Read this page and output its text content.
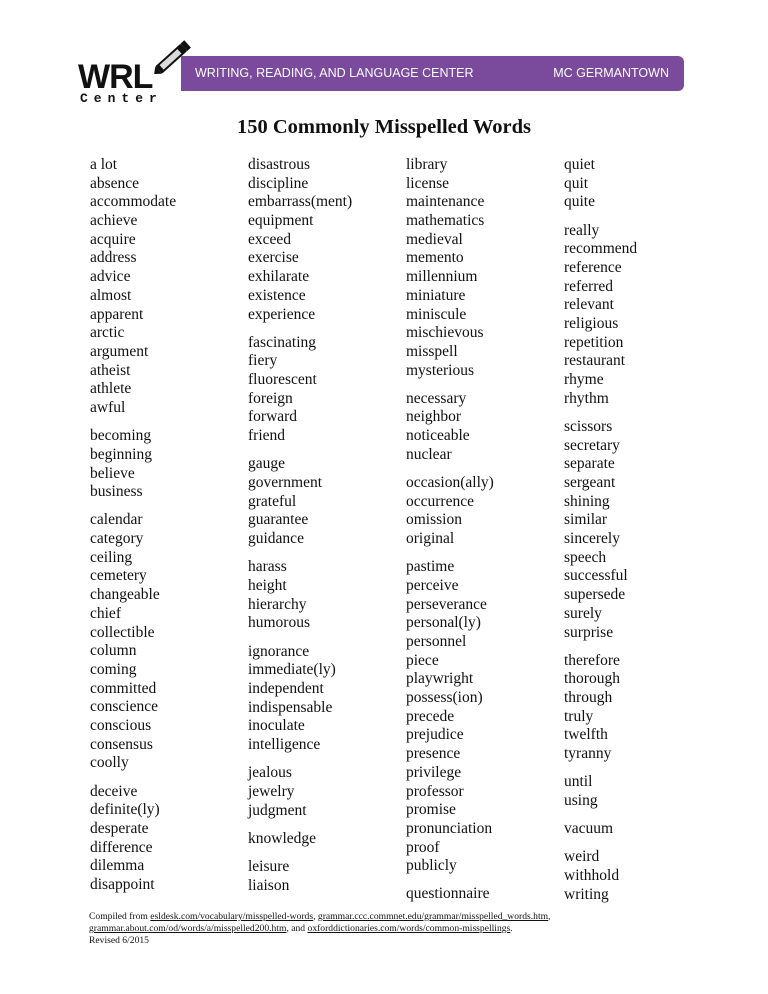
WRL
Center
WRITING, READING, AND LANGUAGE CENTER	MC GERMANTOWN
150 Commonly Misspelled Words
a lot
absence
accommodate
achieve
acquire
address
advice
almost
apparent
arctic
argument
atheist
athlete
awful
becoming
beginning
believe
business
calendar
category
ceiling
cemetery
changeable
chief
collectible
column
coming
committed
conscience
conscious
consensus
coolly
deceive
definite(ly)
desperate
difference
dilemma
disappoint
disastrous
discipline
embarrass(ment)
equipment
exceed
exercise
exhilarate
existence
experience
fascinating
fiery
fluorescent
foreign
forward
friend
gauge
government
grateful
guarantee
guidance
harass
height
hierarchy
humorous
ignorance
immediate(ly)
independent
indispensable
inoculate
intelligence
jealous
jewelry
judgment
knowledge
leisure
liaison
library
license
maintenance
mathematics
medieval
memento
millennium
miniature
miniscule
mischievous
misspell
mysterious
necessary
neighbor
noticeable
nuclear
occasion(ally)
occurrence
omission
original
pastime
perceive
perseverance
personal(ly)
personnel
piece
playwright
possess(ion)
precede
prejudice
presence
privilege
professor
promise
pronunciation
proof
publicly
questionnaire
quiet
quit
quite
really
recommend
reference
referred
relevant
religious
repetition
restaurant
rhyme
rhythm
scissors
secretary
separate
sergeant
shining
similar
sincerely
speech
successful
supersede
surely
surprise
therefore
thorough
through
truly
twelfth
tyranny
until
using
vacuum
weird
withhold
writing
Compiled from esldesk.com/vocabulary/misspelled-words, grammar.ccc.commnet.edu/grammar/misspelled_words.htm,
grammar.about.com/od/words/a/misspelled200.htm, and oxforddictionaries.com/words/common-misspellings.
Revised 6/2015
